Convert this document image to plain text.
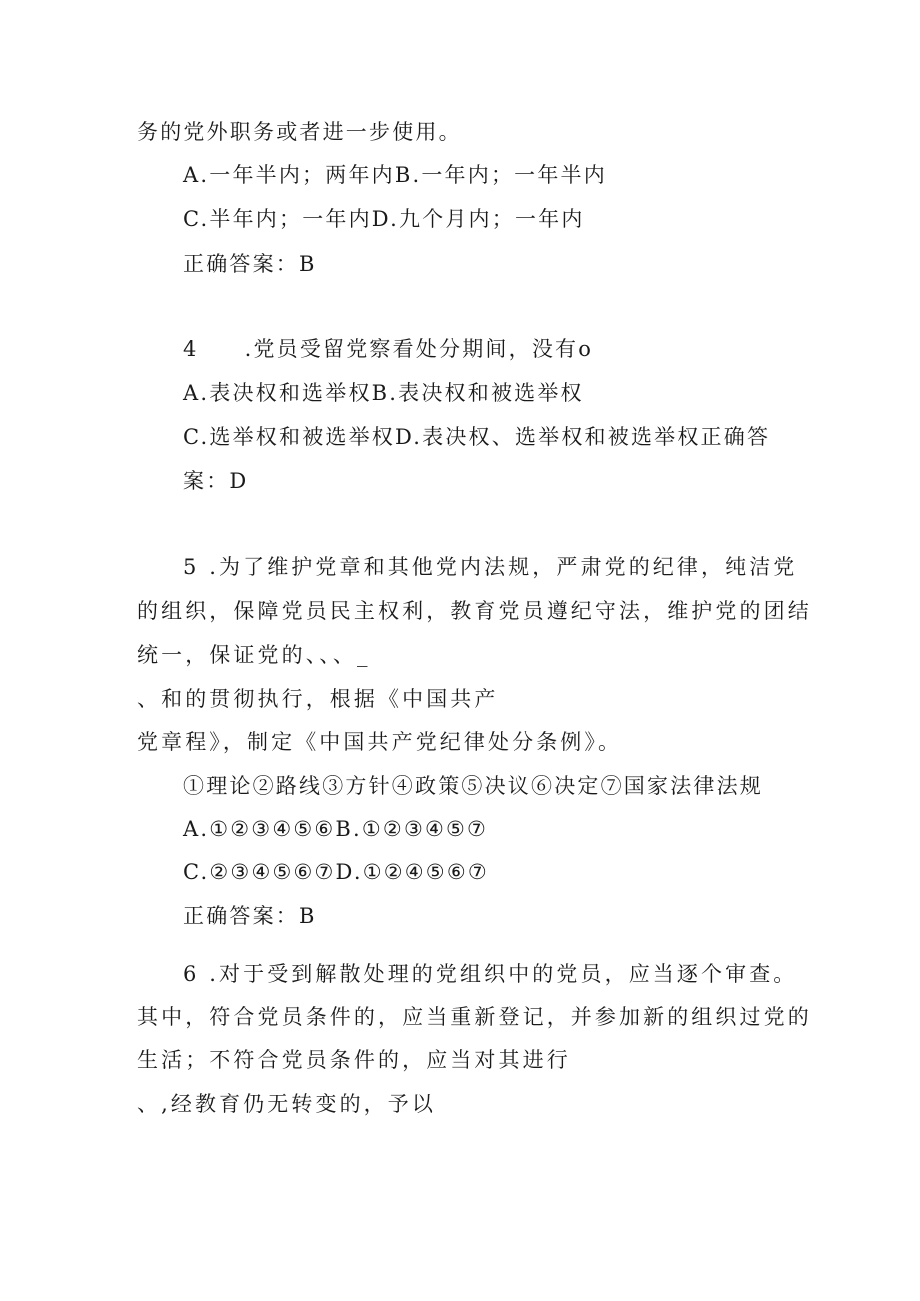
务的党外职务或者进一步使用。
A.一年半内；两年内B.一年内；一年半内
C.半年内；一年内D.九个月内；一年内
正确答案：B
4 .党员受留党察看处分期间，没有o
A.表决权和选举权B.表决权和被选举权
C.选举权和被选举权D.表决权、选举权和被选举权正确答
案：D
5 .为了维护党章和其他党内法规，严肃党的纪律，纯洁党
的组织，保障党员民主权利，教育党员遵纪守法，维护党的团结
统一，保证党的、、、_
、和的贯彻执行，根据《中国共产
党章程》，制定《中国共产党纪律处分条例》。
①理论②路线③方针④政策⑤决议⑥决定⑦国家法律法规
A.①②③④⑤⑥B.①②③④⑤⑦
C.②③④⑤⑥⑦D.①②④⑤⑥⑦
正确答案：B
6 .对于受到解散处理的党组织中的党员，应当逐个审查。
其中，符合党员条件的，应当重新登记，并参加新的组织过党的
生活；不符合党员条件的，应当对其进行
、,经教育仍无转变的，予以
